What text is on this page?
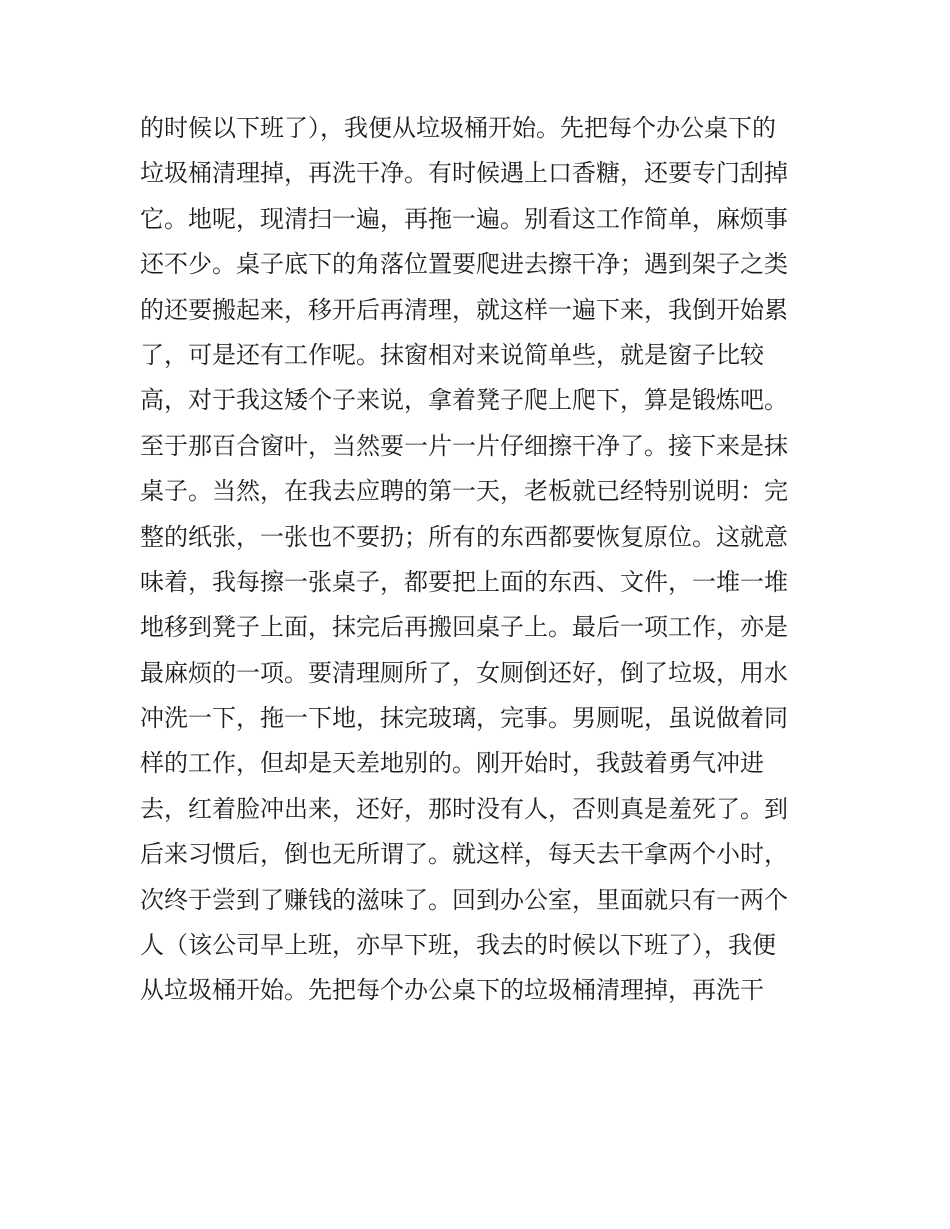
的时候以下班了），我便从垃圾桶开始。先把每个办公桌下的
垃圾桶清理掉，再洗干净。有时候遇上口香糖，还要专门刮掉
它。地呢，现清扫一遍，再拖一遍。别看这工作简单，麻烦事
还不少。桌子底下的角落位置要爬进去擦干净；遇到架子之类
的还要搬起来，移开后再清理，就这样一遍下来，我倒开始累
了，可是还有工作呢。抹窗相对来说简单些，就是窗子比较
高，对于我这矮个子来说，拿着凳子爬上爬下，算是锻炼吧。
至于那百合窗叶，当然要一片一片仔细擦干净了。接下来是抹
桌子。当然，在我去应聘的第一天，老板就已经特别说明：完
整的纸张，一张也不要扔；所有的东西都要恢复原位。这就意
味着，我每擦一张桌子，都要把上面的东西、文件，一堆一堆
地移到凳子上面，抹完后再搬回桌子上。最后一项工作，亦是
最麻烦的一项。要清理厕所了，女厕倒还好，倒了垃圾，用水
冲洗一下，拖一下地，抹完玻璃，完事。男厕呢，虽说做着同
样的工作，但却是天差地别的。刚开始时，我鼓着勇气冲进
去，红着脸冲出来，还好，那时没有人，否则真是羞死了。到
后来习惯后，倒也无所谓了。就这样，每天去干拿两个小时，
次终于尝到了赚钱的滋味了。回到办公室，里面就只有一两个
人（该公司早上班，亦早下班，我去的时候以下班了），我便
从垃圾桶开始。先把每个办公桌下的垃圾桶清理掉，再洗干
